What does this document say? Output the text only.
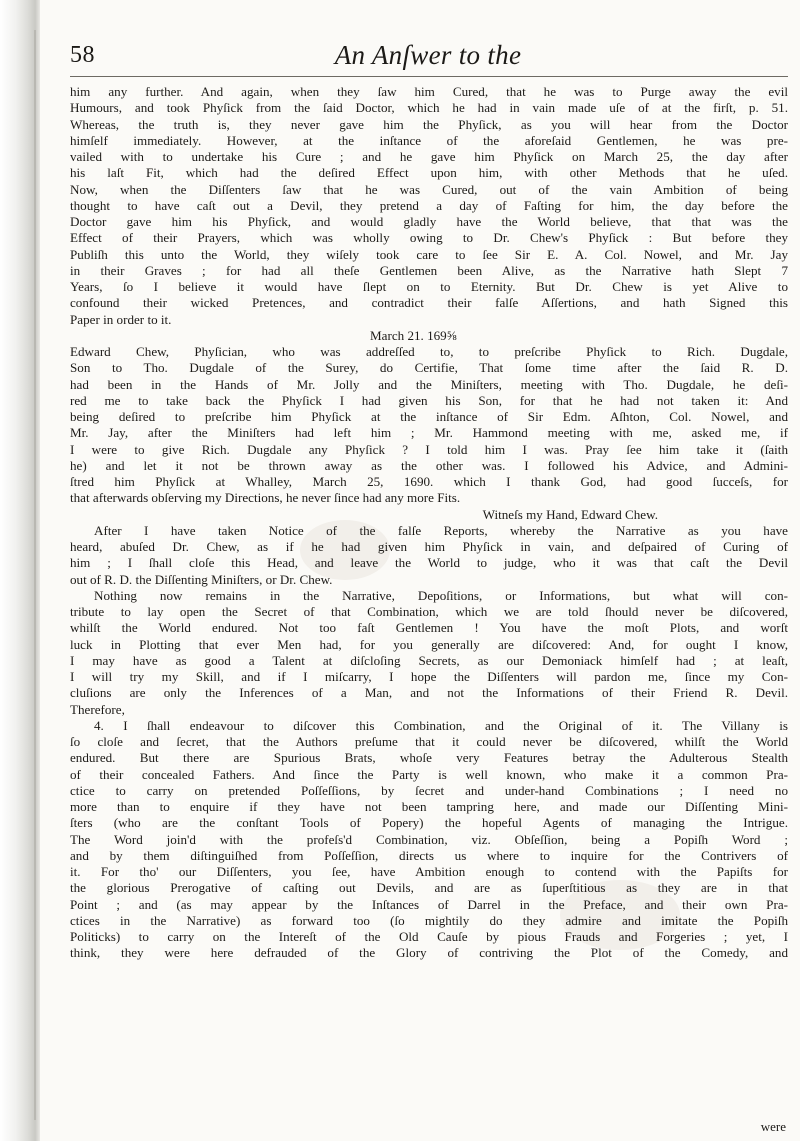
58	An Anſwer to the
him any further. And again, when they ſaw him Cured, that he was to Purge away the evil
Humours, and took Phyſick from the ſaid Doctor, which he had in vain made uſe of at the firſt, p. 51.
Whereas, the truth is, they never gave him the Phyſick, as you will hear from the Doctor
himſelf immediately. However, at the inſtance of the aforeſaid Gentlemen, he was pre-
vailed with to undertake his Cure ; and he gave him Phyſick on March 25, the day after
his laſt Fit, which had the deſired Effect upon him, with other Methods that he uſed.
Now, when the Diſſenters ſaw that he was Cured, out of the vain Ambition of being
thought to have caſt out a Devil, they pretend a day of Faſting for him, the day before the
Doctor gave him his Phyſick, and would gladly have the World believe, that that was the
Effect of their Prayers, which was wholly owing to Dr. Chew's Phyſick : But before they
Publiſh this unto the World, they wiſely took care to ſee Sir E. A. Col. Nowel, and Mr. Jay
in their Graves ; for had all theſe Gentlemen been Alive, as the Narrative hath Slept 7
Years, ſo I believe it would have ſlept on to Eternity. But Dr. Chew is yet Alive to
confound their wicked Pretences, and contradict their falſe Aſſertions, and hath Signed this
Paper in order to it.
March 21. 169⅝
Edward Chew, Phyſician, who was addreſſed to, to preſcribe Phyſick to Rich. Dugdale,
Son to Tho. Dugdale of the Surey, do Certifie, That ſome time after the ſaid R. D.
had been in the Hands of Mr. Jolly and the Miniſters, meeting with Tho. Dugdale, he deſi-
red me to take back the Phyſick I had given his Son, for that he had not taken it: And
being deſired to preſcribe him Phyſick at the inſtance of Sir Edm. Aſhton, Col. Nowel, and
Mr. Jay, after the Miniſters had left him ; Mr. Hammond meeting with me, asked me, if
I were to give Rich. Dugdale any Phyſick ? I told him I was. Pray ſee him take it (ſaith
he) and let it not be thrown away as the other was. I followed his Advice, and Admini-
ſtred him Phyſick at Whalley, March 25, 1690. which I thank God, had good ſucceſs, for
that afterwards obſerving my Directions, he never ſince had any more Fits.
Witneſs my Hand, Edward Chew.
After I have taken Notice of the falſe Reports, whereby the Narrative as you have
heard, abuſed Dr. Chew, as if he had given him Phyſick in vain, and deſpaired of Curing of
him ; I ſhall cloſe this Head, and leave the World to judge, who it was that caſt the Devil
out of R. D. the Diſſenting Miniſters, or Dr. Chew.
Nothing now remains in the Narrative, Depoſitions, or Informations, but what will con-
tribute to lay open the Secret of that Combination, which we are told ſhould never be diſcovered,
whilſt the World endured. Not too faſt Gentlemen ! You have the moſt Plots, and worſt
luck in Plotting that ever Men had, for you generally are diſcovered: And, for ought I know,
I may have as good a Talent at diſcloſing Secrets, as our Demoniack himſelf had ; at leaſt,
I will try my Skill, and if I miſcarry, I hope the Diſſenters will pardon me, ſince my Con-
cluſions are only the Inferences of a Man, and not the Informations of their Friend R. Devil.
Therefore,
4. I ſhall endeavour to diſcover this Combination, and the Original of it. The Villany is
ſo cloſe and ſecret, that the Authors preſume that it could never be diſcovered, whilſt the World
endured. But there are Spurious Brats, whoſe very Features betray the Adulterous Stealth
of their concealed Fathers. And ſince the Party is well known, who make it a common Pra-
ctice to carry on pretended Poſſeſſions, by ſecret and under-hand Combinations ; I need no
more than to enquire if they have not been tampring here, and made our Diſſenting Mini-
ſters (who are the conſtant Tools of Popery) the hopeful Agents of managing the Intrigue.
The Word join'd with the profeſs'd Combination, viz. Obſeſſion, being a Popiſh Word ;
and by them diſtinguiſhed from Poſſeſſion, directs us where to inquire for the Contrivers of
it. For tho' our Diſſenters, you ſee, have Ambition enough to contend with the Papiſts for
the glorious Prerogative of caſting out Devils, and are as ſuperſtitious as they are in that
Point ; and (as may appear by the Inſtances of Darrel in the Preface, and their own Pra-
ctices in the Narrative) as forward too (ſo mightily do they admire and imitate the Popiſh
Politicks) to carry on the Intereſt of the Old Cauſe by pious Frauds and Forgeries ; yet, I
think, they were here defrauded of the Glory of contriving the Plot of the Comedy, and
were
